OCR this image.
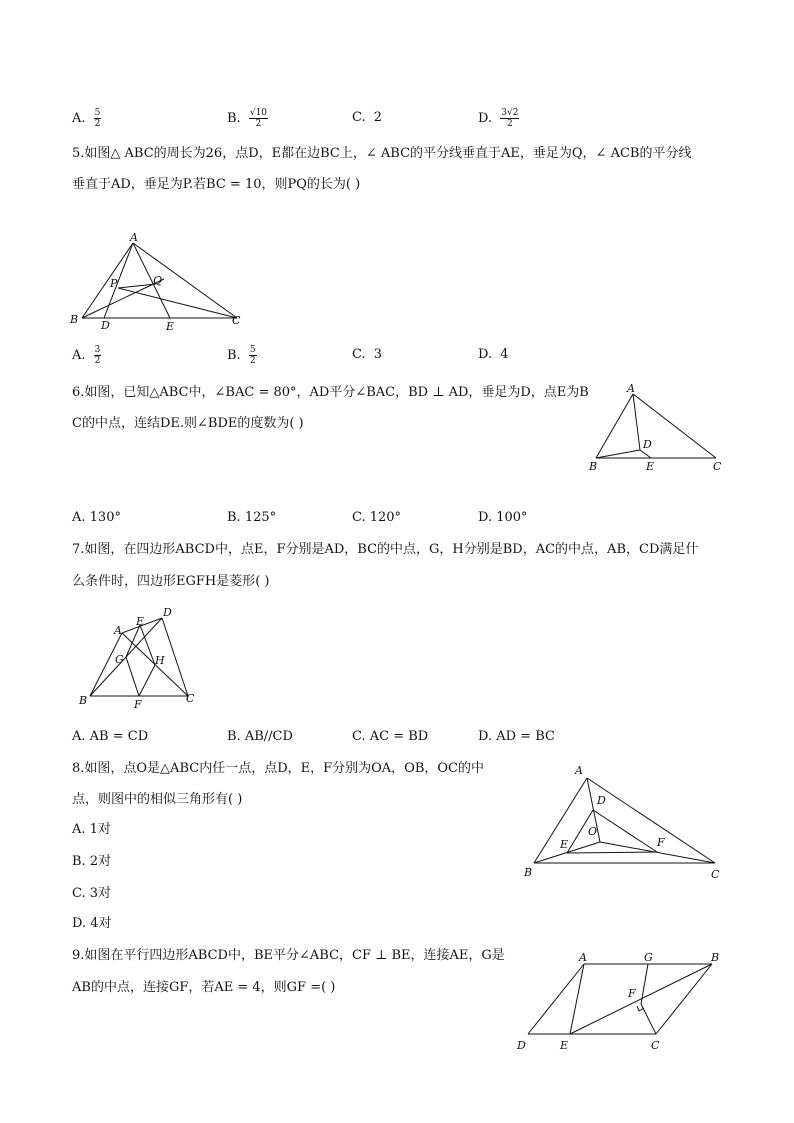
A. $\frac{5}{2}$	B. $\frac{√10}{2}$	C. 2	D. $\frac{3√2}{2}$
5.如图△ ABC的周长为26，点D，E都在边BC上，∠ ABC的平分线垂直于AE，垂足为Q，∠ ACB的平分线
垂直于AD，垂足为P.若BC = 10，则PQ的长为( )
A
B	C
D	E
P	Q
A. $\frac{3}{2}$	B. $\frac{5}{2}$	C. 3	D. 4
6.如图，已知△ABC中，∠BAC = 80°，AD平分∠BAC，BD ⊥ AD，垂足为D，点E为B
C的中点，连结DE.则∠BDE的度数为( )
A
B	C
D
E
A. 130°	B. 125°	C. 120°	D. 100°
7.如图，在四边形ABCD中，点E，F分别是AD，BC的中点，G，H分别是BD，AC的中点，AB，CD满足什
么条件时，四边形EGFH是菱形( )
A
B	C
D
E
F
G	H
A. AB = CD	B. AB//CD	C. AC = BD	D. AD = BC
8.如图，点O是△ABC内任一点，点D，E，F分别为OA，OB，OC的中
点，则图中的相似三角形有( )
A. 1对
B. 2对
C. 3对
D. 4对
A
B	C
D
E	F
O
9.如图在平行四边形ABCD中，BE平分∠ABC，CF ⊥ BE，连接AE，G是
AB的中点，连接GF，若AE = 4，则GF =( )
A	B
C
D	E
F
G
